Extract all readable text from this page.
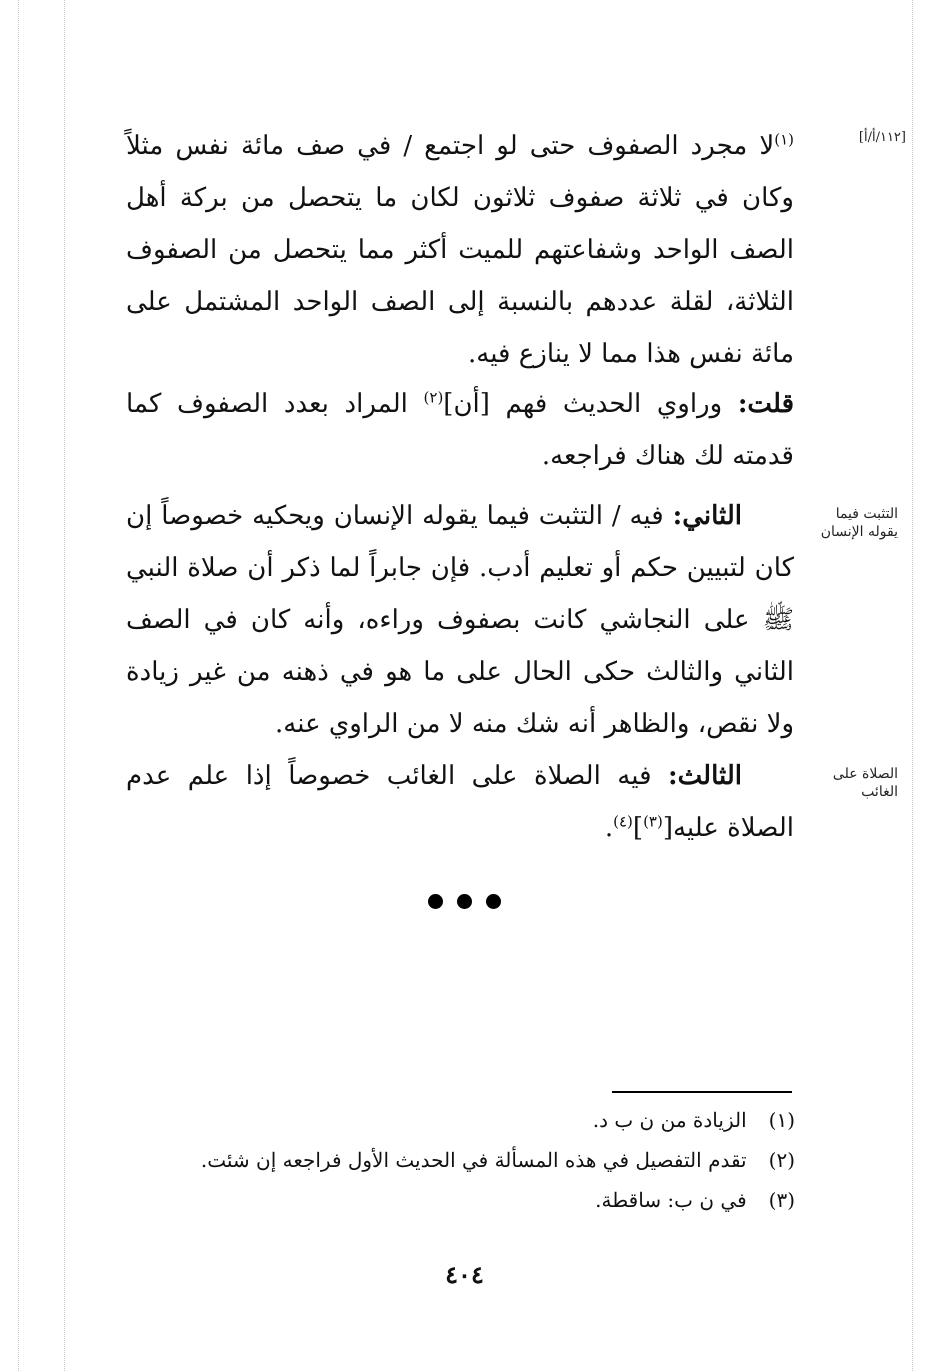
[١١٢/أ/أ]
$^{(١)}$لا مجرد الصفوف حتى لو اجتمع / في صف مائة نفس مثلاً وكان في ثلاثة صفوف ثلاثون لكان ما يتحصل من بركة أهل الصف الواحد وشفاعتهم للميت أكثر مما يتحصل من الصفوف الثلاثة، لقلة عددهم بالنسبة إلى الصف الواحد المشتمل على مائة نفس هذا مما لا ينازع فيه.
قلت: وراوي الحديث فهم [أن]$^{(٢)}$ المراد بعدد الصفوف كما قدمته لك هناك فراجعه.
التثبت فيما يقوله الإنسان
  الثاني: فيه / التثبت فيما يقوله الإنسان ويحكيه خصوصاً إن كان لتبيين حكم أو تعليم أدب. فإن جابراً لما ذكر أن صلاة النبي ﷺ على النجاشي كانت بصفوف وراءه، وأنه كان في الصف الثاني والثالث حكى الحال على ما هو في ذهنه من غير زيادة ولا نقص، والظاهر أنه شك منه لا من الراوي عنه.
الصلاة على الغائب
  الثالث: فيه الصلاة على الغائب خصوصاً إذا علم عدم الصلاة عليه[$^{(٣)}$]$^{(٤)}$.
(١) الزيادة من ن ب د.
(٢) تقدم التفصيل في هذه المسألة في الحديث الأول فراجعه إن شئت.
(٣) في ن ب: ساقطة.
٤٠٤
